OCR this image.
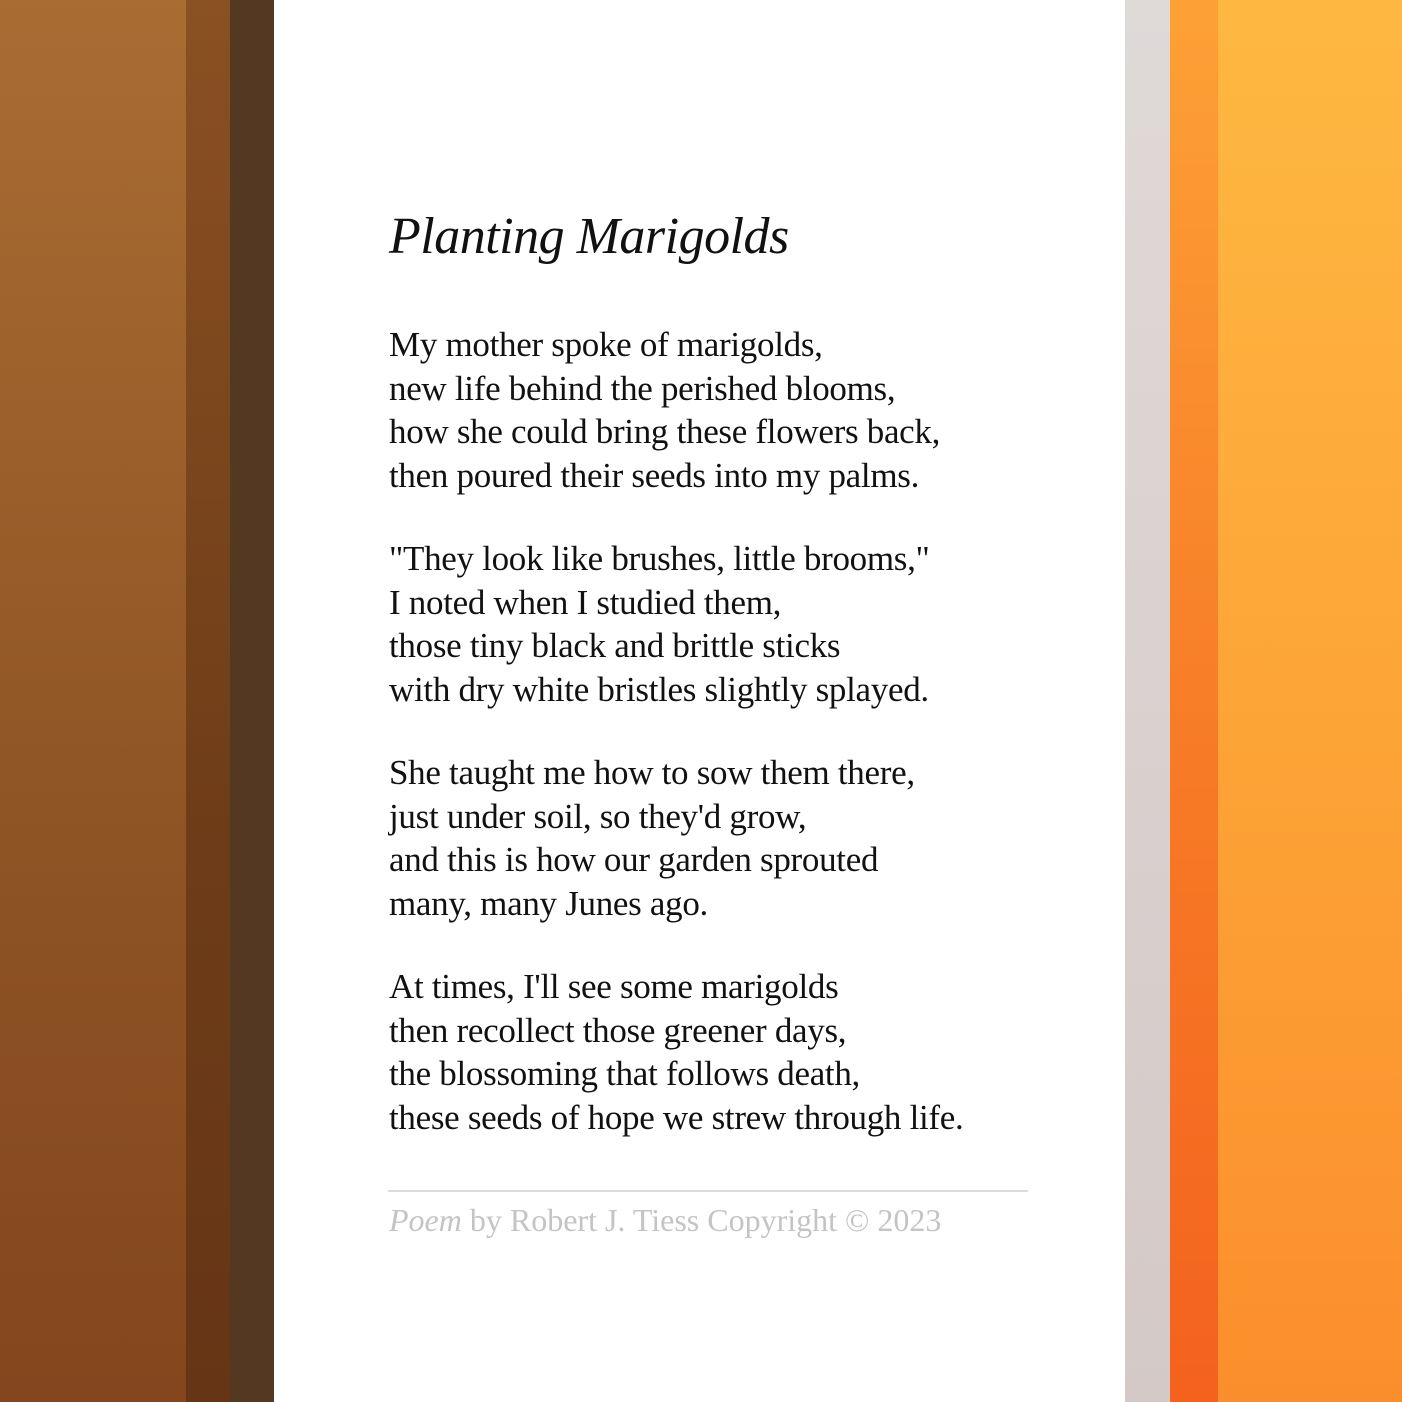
Planting Marigolds
My mother spoke of marigolds,
new life behind the perished blooms,
how she could bring these flowers back,
then poured their seeds into my palms.
"They look like brushes, little brooms,"
I noted when I studied them,
those tiny black and brittle sticks
with dry white bristles slightly splayed.
She taught me how to sow them there,
just under soil, so they'd grow,
and this is how our garden sprouted
many, many Junes ago.
At times, I'll see some marigolds
then recollect those greener days,
the blossoming that follows death,
these seeds of hope we strew through life.
Poem by Robert J. Tiess Copyright © 2023
